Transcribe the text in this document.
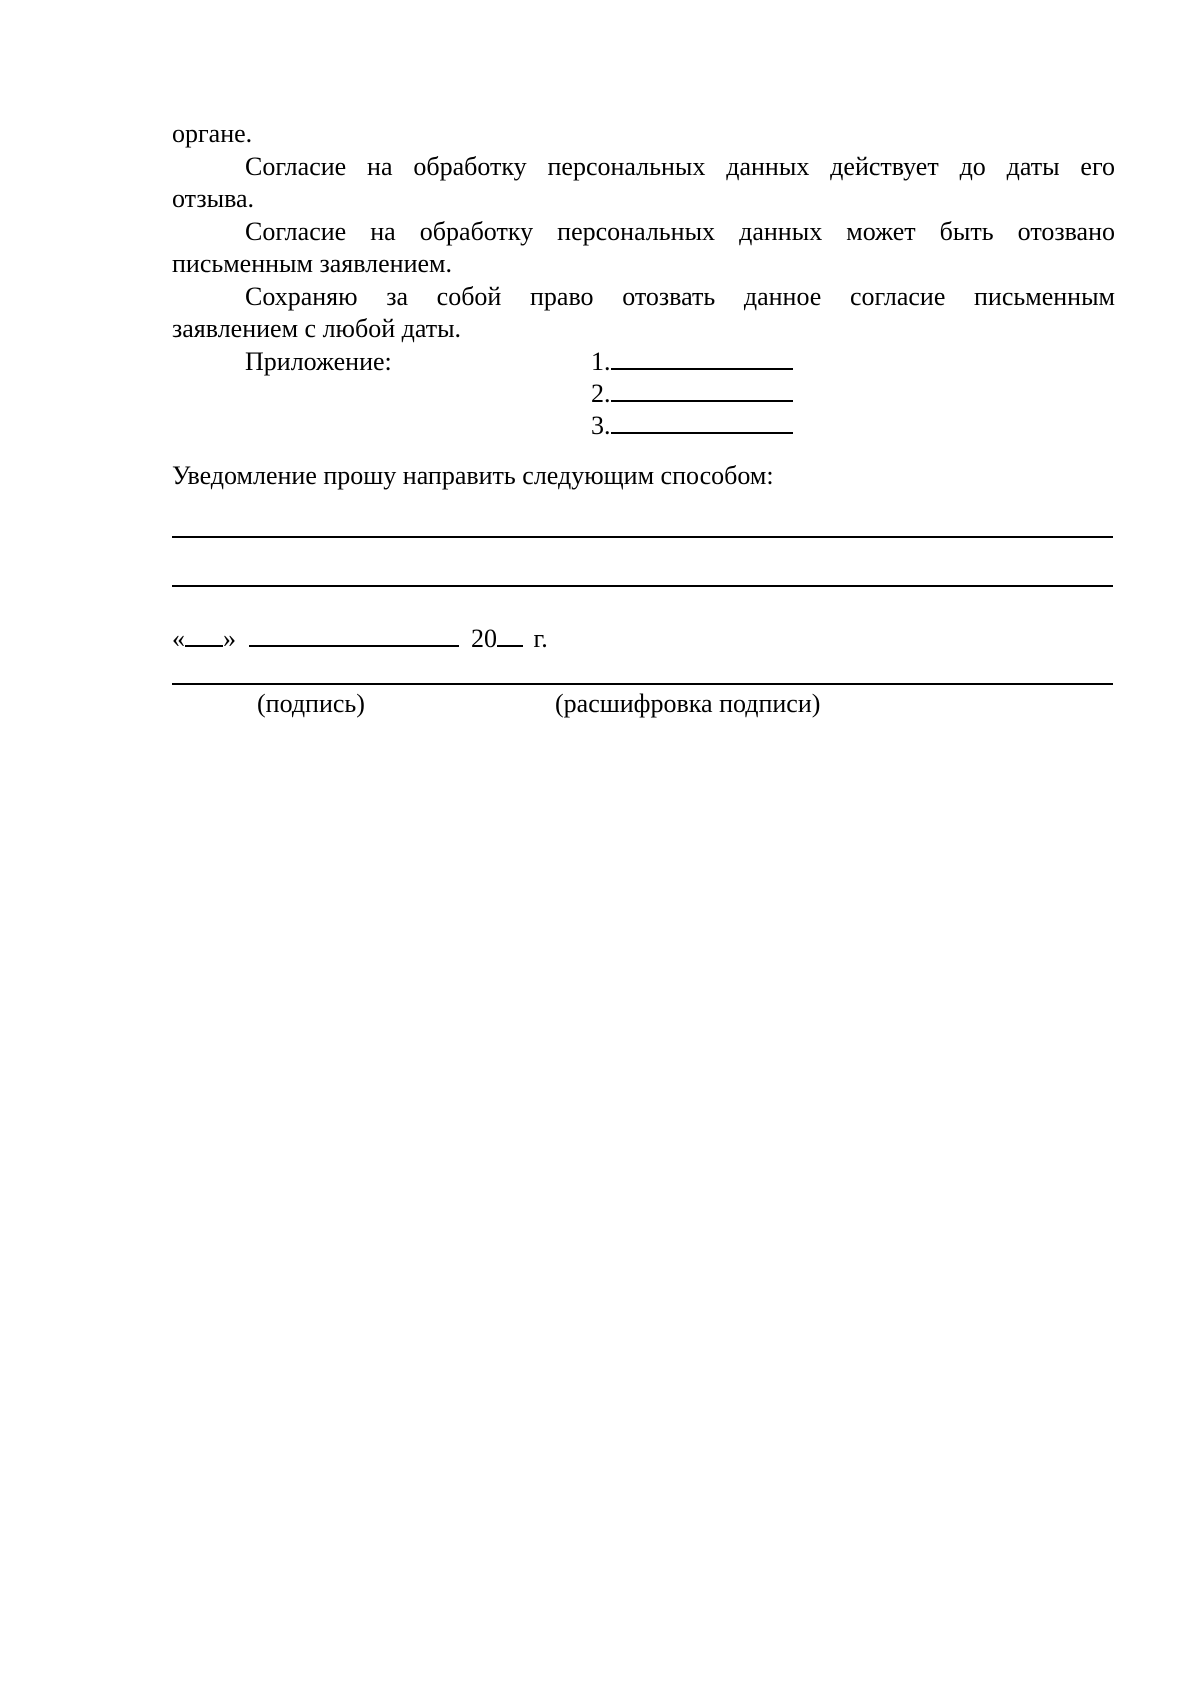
органе.
Согласие на обработку персональных данных действует до даты его
отзыва.
Согласие на обработку персональных данных может быть отозвано
письменным заявлением.
Сохраняю за собой право отозвать данное согласие письменным
заявлением с любой даты.
Приложение:	1.
2.
3.
Уведомление прошу направить следующим способом:
« »	20 г.
(подпись)	(расшифровка подписи)
